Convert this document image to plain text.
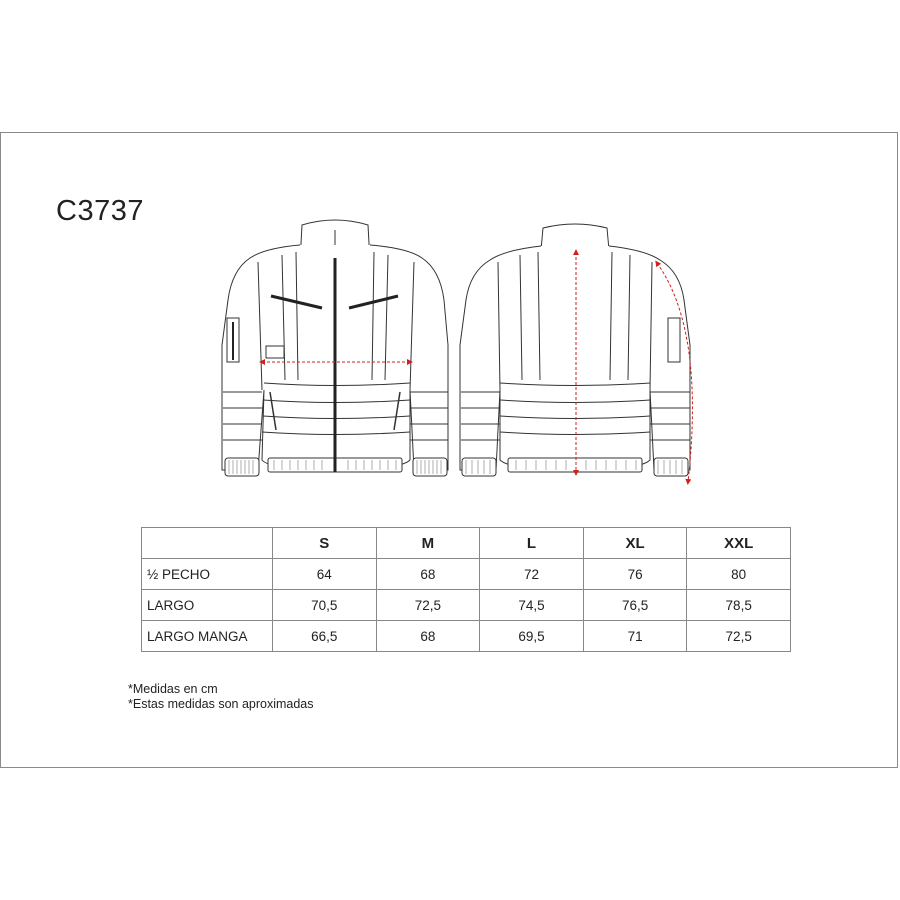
C3737
	S	M	L	XL	XXL
½ PECHO	64	68	72	76	80
LARGO	70,5	72,5	74,5	76,5	78,5
LARGO MANGA	66,5	68	69,5	71	72,5
*Medidas en cm
*Estas medidas son aproximadas
